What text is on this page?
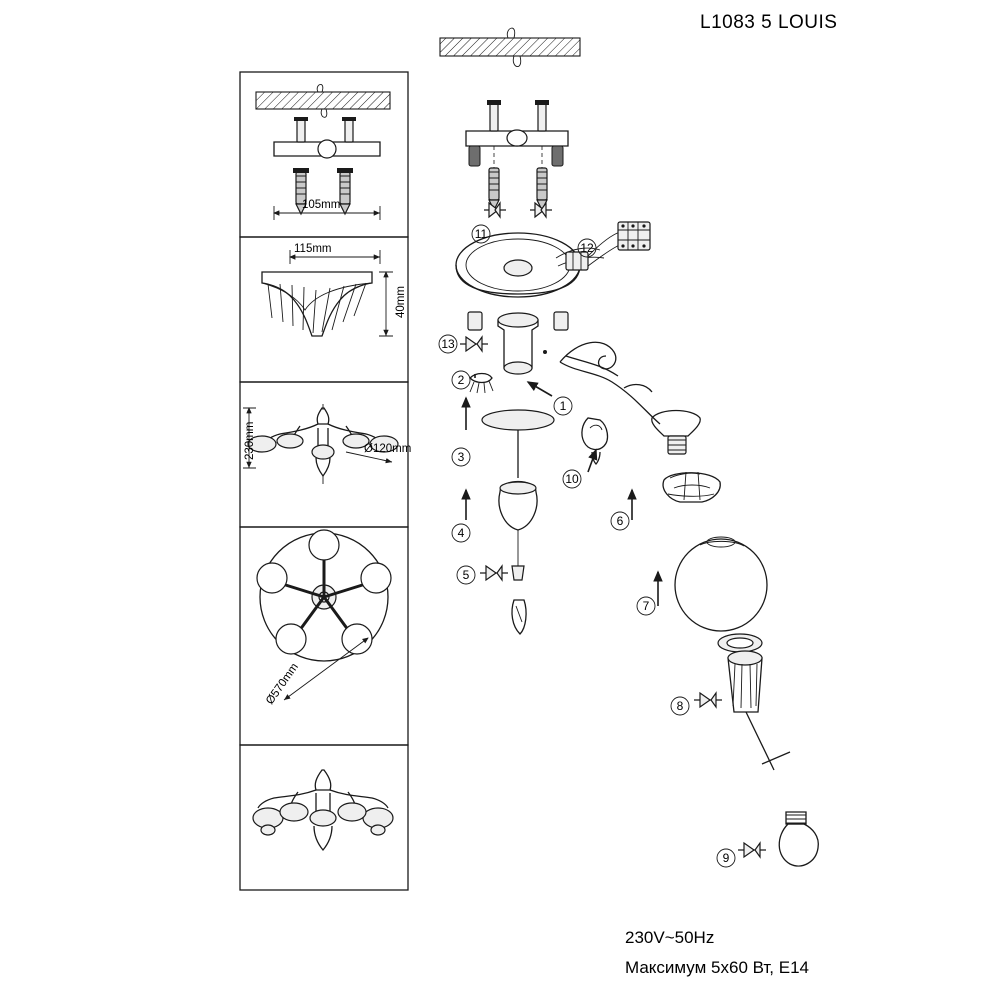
L1083 5 LOUIS
105mm
115mm
40mm
230mm	Ø120mm
Ø570mm
1
2
3
4
5
6
7
8
9
10
11
12
13
230V~50Hz
Максимум 5x60 Вт, E14
